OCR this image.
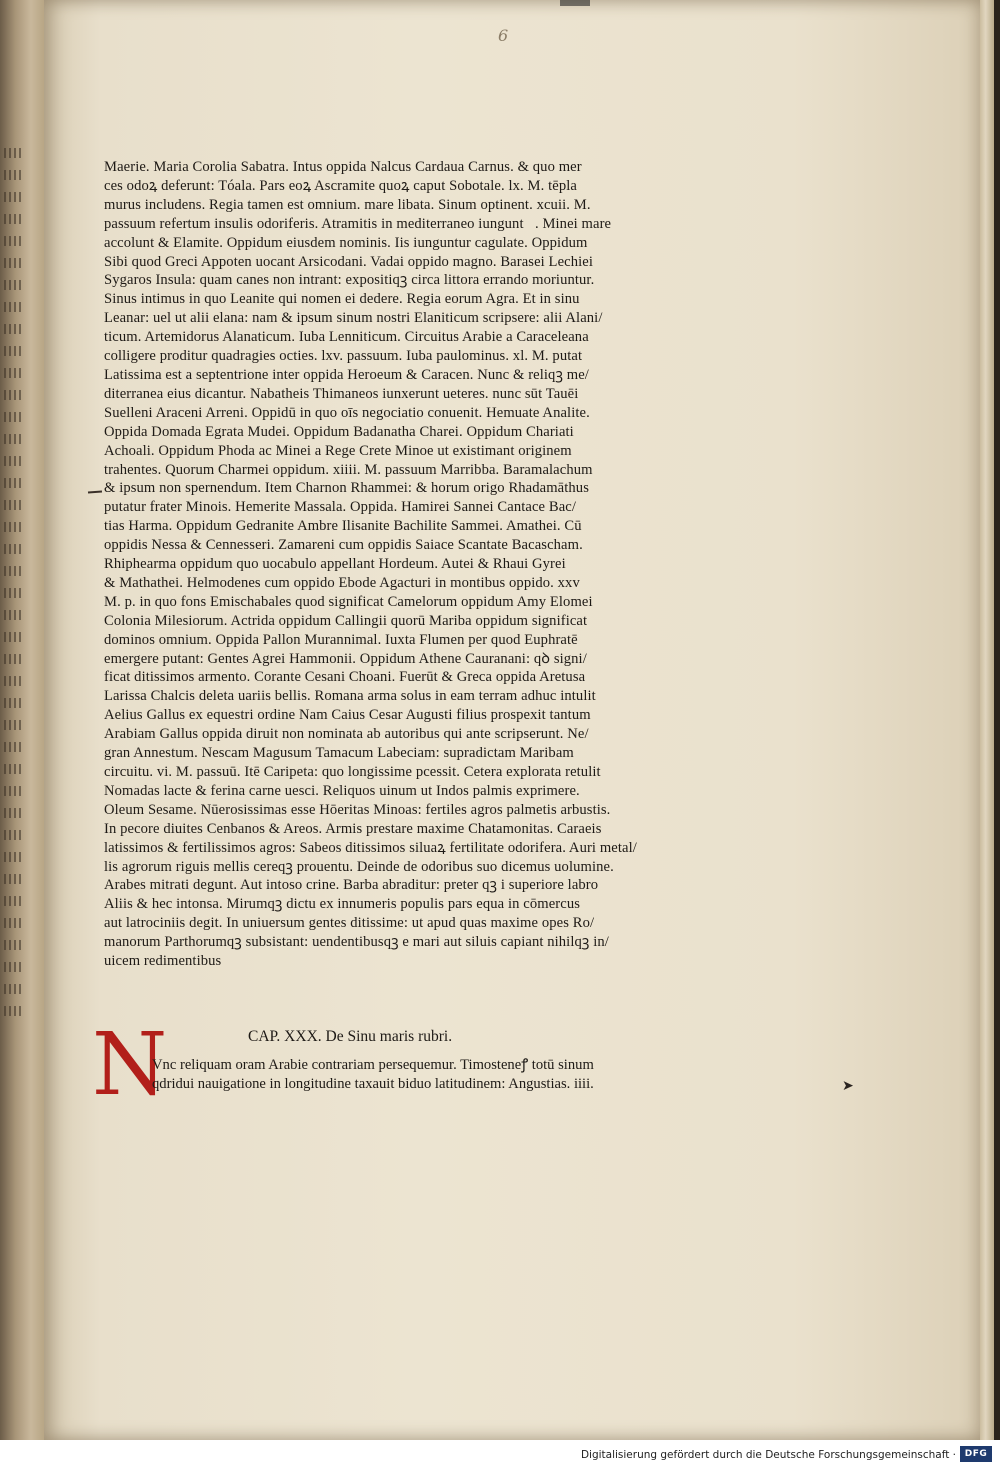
6
Maerie. Maria Corolia Sabatra. Intus oppida Nalcus Cardaua Carnus. & quo mer
ces odoꝝ deferunt: Tóala. Pars eoꝝ Ascramite quoꝝ caput Sobotale. lx. M. tēpla
murus includens. Regia tamen est omnium. mare libata. Sinum optinent. xcuii. M.
passuum refertum insulis odoriferis. Atramitis in mediterraneo iunguntᷓ. Minei mare
accolunt & Elamite. Oppidum eiusdem nominis. Iis iunguntur cagulate. Oppidum
Sibi quod Greci Appoten uocant Arsicodani. Vadai oppido magno. Barasei Lechiei
Sygaros Insula: quam canes non intrant: expositiqꝫ circa littora errando moriuntur.
Sinus intimus in quo Leanite qui nomen ei dedere. Regia eorum Agra. Et in sinu
Leanar: uel ut alii elana: nam & ipsum sinum nostri Elaniticum scripsere: alii Alani/
ticum. Artemidorus Alanaticum. Iuba Lenniticum. Circuitus Arabie a Caraceleana
colligere proditur quadragies octies. lxv. passuum. Iuba paulominus. xl. M. putat
Latissima est a septentrione inter oppida Heroeum & Caracen. Nunc & reliqꝫ me/
diterranea eius dicantur. Nabatheis Thimaneos iunxerunt ueteres. nunc sūt Tauēi
Suelleni Araceni Arreni. Oppidū in quo oīs negociatio conuenit. Hemuate Analite.
Oppida Domada Egrata Mudei. Oppidum Badanatha Charei. Oppidum Chariati
Achoali. Oppidum Phoda ac Minei a Rege Crete Minoe ut existimant originem
trahentes. Quorum Charmei oppidum. xiiii. M. passuum Marribba. Baramalachum
& ipsum non spernendum. Item Charnon Rhammei: & horum origo Rhadamāthus
putatur frater Minois. Hemerite Massala. Oppida. Hamirei Sannei Cantace Bac/
tias Harma. Oppidum Gedranite Ambre Ilisanite Bachilite Sammei. Amathei. Cū
oppidis Nessa & Cennesseri. Zamareni cum oppidis Saiace Scantate Bacascham.
Rhiphearma oppidum quo uocabulo appellant Hordeum. Autei & Rhaui Gyrei
& Mathathei. Helmodenes cum oppido Ebode Agacturi in montibus oppido. xxv
M. p. in quo fons Emischabales quod significat Camelorum oppidum Amy Elomei
Colonia Milesiorum. Actrida oppidum Callingii quorū Mariba oppidum significat
dominos omnium. Oppida Pallon Murannimal. Iuxta Flumen per quod Euphratē
emergere putant: Gentes Agrei Hammonii. Oppidum Athene Cauranani: qꝺ signi/
ficat ditissimos armento. Corante Cesani Choani. Fuerūt & Greca oppida Aretusa
Larissa Chalcis deleta uariis bellis. Romana arma solus in eam terram adhuc intulit
Aelius Gallus ex equestri ordine Nam Caius Cesar Augusti filius prospexit tantum
Arabiam Gallus oppida diruit non nominata ab autoribus qui ante scripserunt. Ne/
gran Annestum. Nescam Magusum Tamacum Labeciam: supradictam Maribam
circuitu. vi. M. passuū. Itē Caripeta: quo longissime pcessit. Cetera explorata retulit
Nomadas lacte & ferina carne uesci. Reliquos uinum ut Indos palmis exprimere.
Oleum Sesame. Nūerosissimas esse Hōeritas Minoas: fertiles agros palmetis arbustis.
In pecore diuites Cenbanos & Areos. Armis prestare maxime Chatamonitas. Caraeis
latissimos & fertilissimos agros: Sabeos ditissimos siluaꝝ fertilitate odorifera. Auri metal/
lis agrorum riguis mellis cereqꝫ prouentu. Deinde de odoribus suo dicemus uolumine.
Arabes mitrati degunt. Aut intoso crine. Barba abraditur: preter qꝫ i superiore labro
Aliis & hec intonsa. Mirumqꝫ dictu ex innumeris populis pars equa in cōmercus
aut latrociniis degit. In uniuersum gentes ditissime: ut apud quas maxime opes Ro/
manorum Parthorumqꝫ subsistant: uendentibusqꝫ e mari aut siluis capiant nihilqꝫ in/
uicem redimentibus
N	CAP. XXX. De Sinu maris rubri.
Vnc reliquam oram Arabie contrariam persequemur. Timosteneꝭ totū sinum
qdridui nauigatione in longitudine taxauit biduo latitudinem: Angustias. iiii.	➤
Digitalisierung gefördert durch die Deutsche Forschungsgemeinschaft · DFG
